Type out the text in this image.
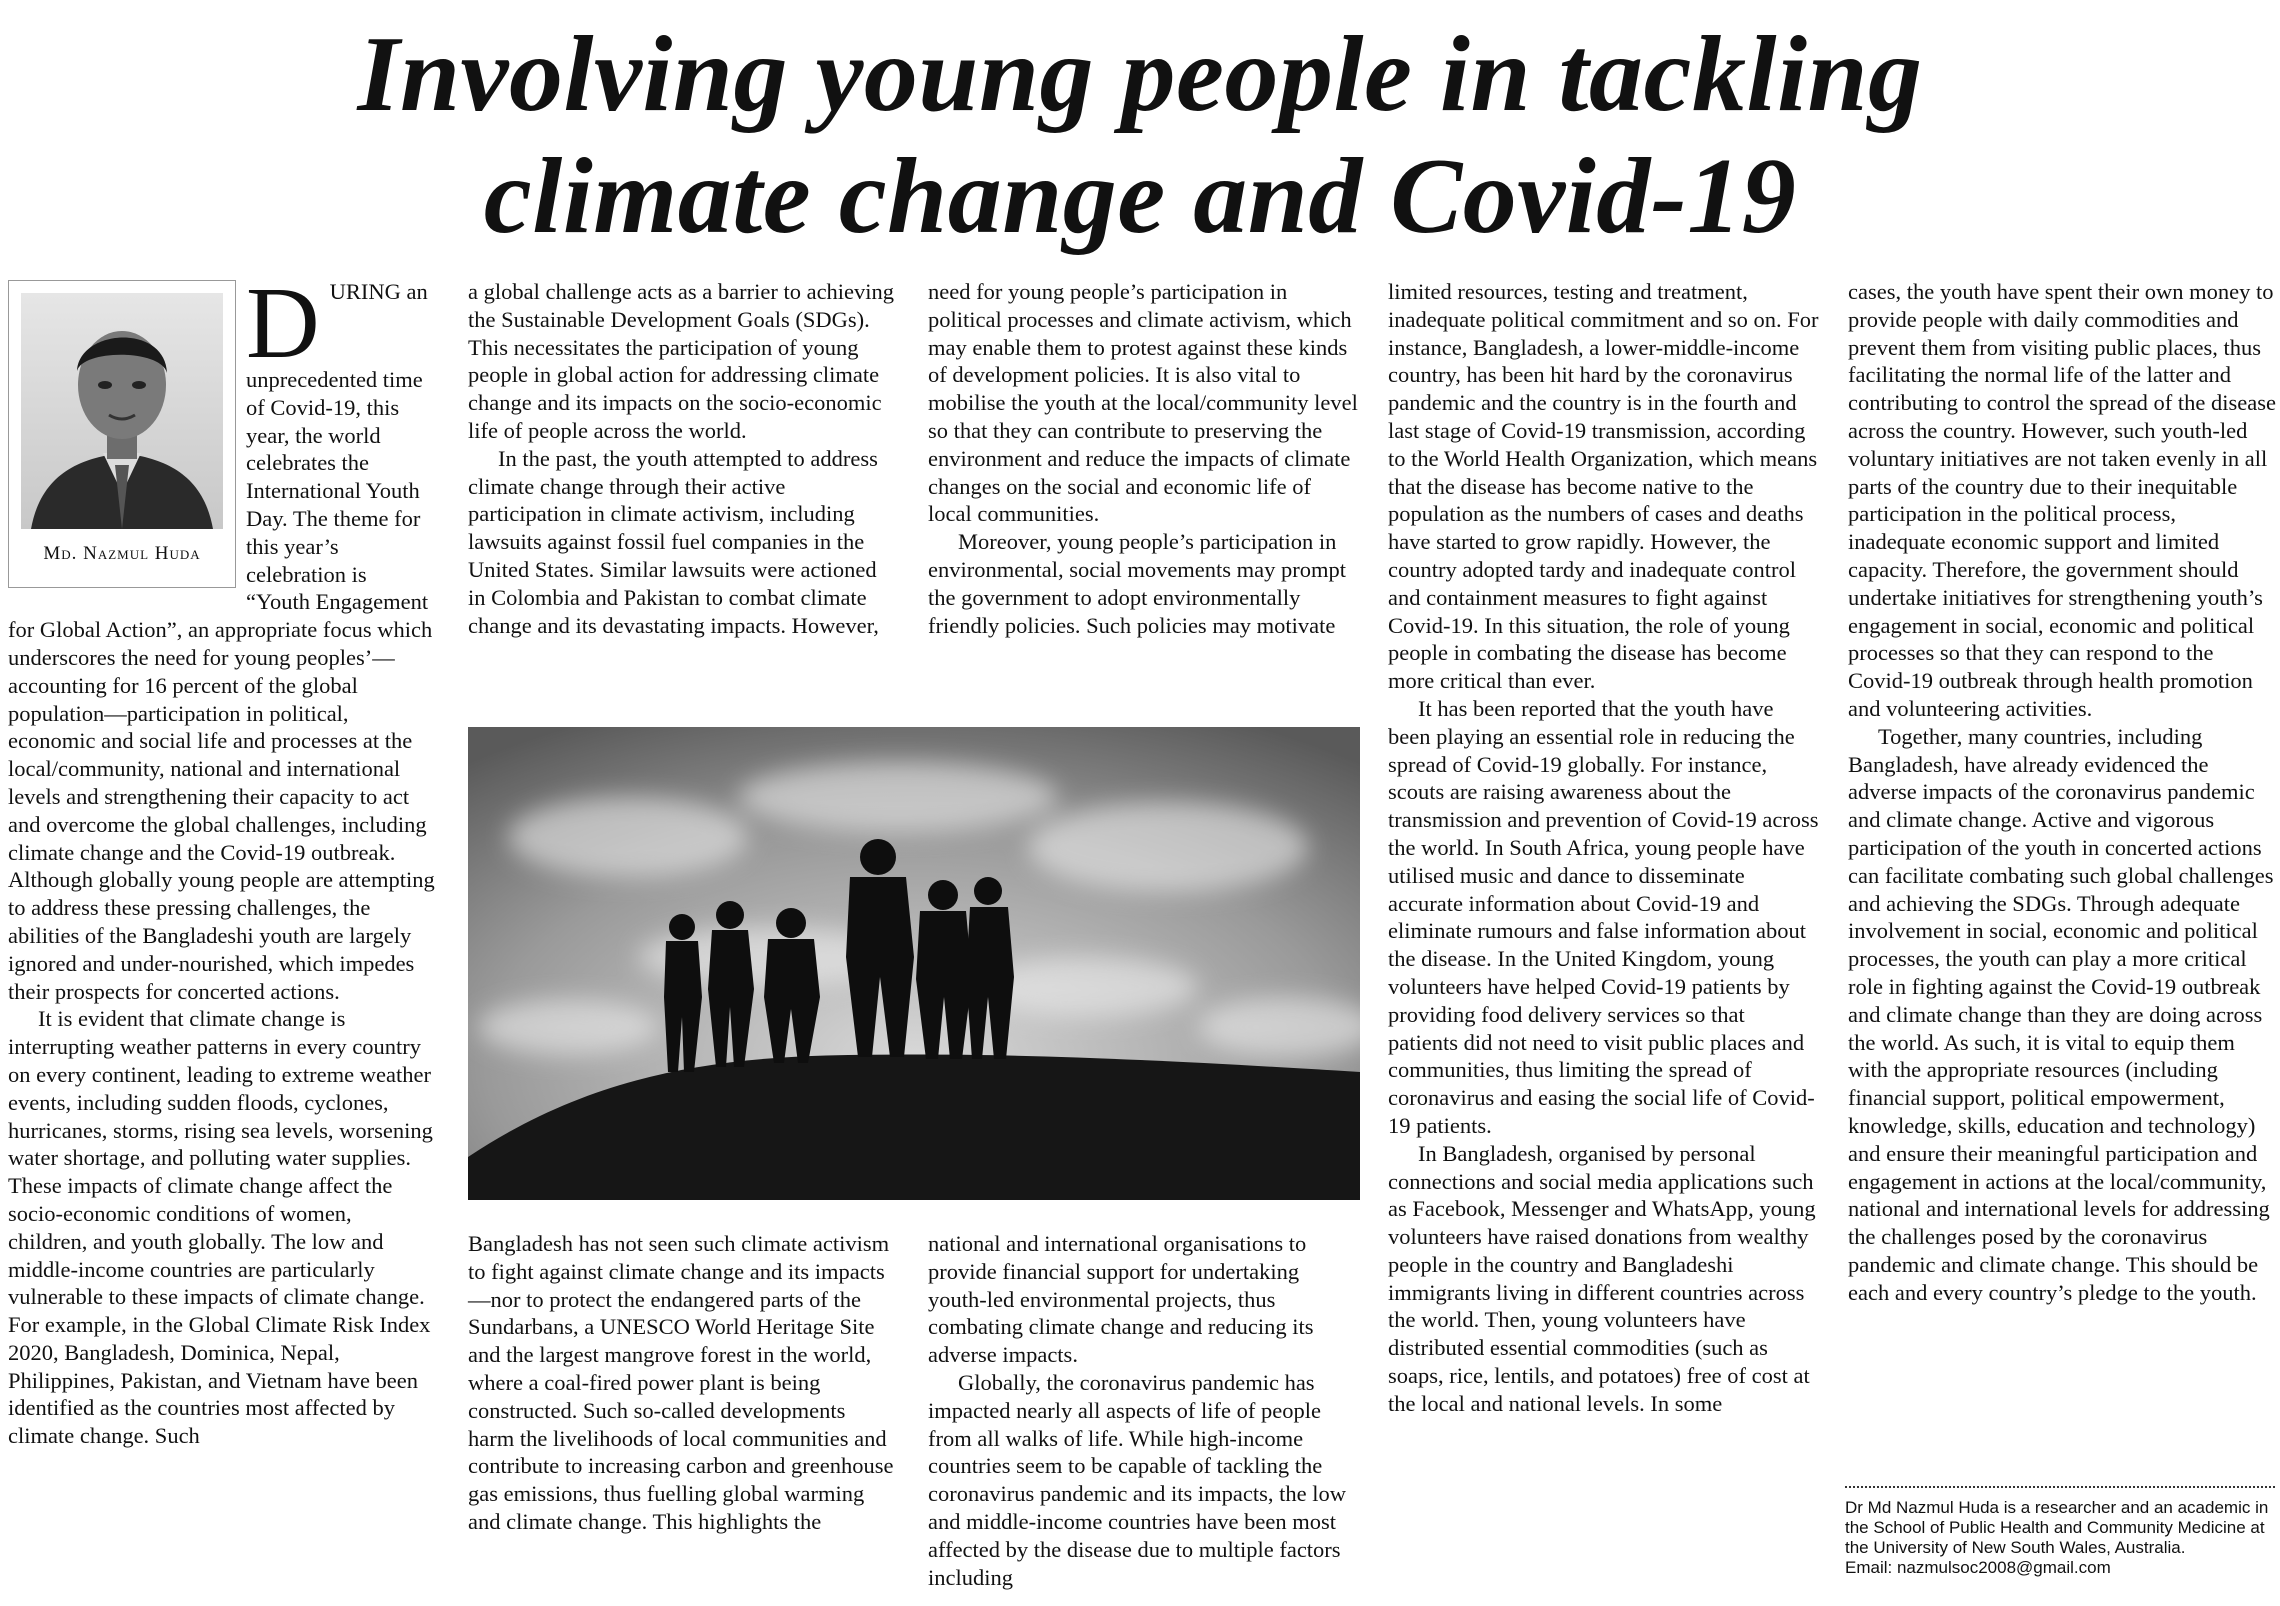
Involving young people in tackling
climate change and Covid-19
Md. Nazmul Huda
D URING an unprecedented time of Covid-19, this year, the world celebrates the International Youth Day. The theme for this year’s celebration is “Youth Engagement for Global Action”, an appropriate focus which underscores the need for young peoples’—accounting for 16 percent of the global population—participation in political, economic and social life and processes at the local/community, national and international levels and strengthening their capacity to act and overcome the global challenges, including climate change and the Covid-19 outbreak. Although globally young people are attempting to address these pressing challenges, the abilities of the Bangladeshi youth are largely ignored and under-nourished, which impedes their prospects for concerted actions.

It is evident that climate change is interrupting weather patterns in every country on every continent, leading to extreme weather events, including sudden floods, cyclones, hurricanes, storms, rising sea levels, worsening water shortage, and polluting water supplies. These impacts of climate change affect the socio-economic conditions of women, children, and youth globally. The low and middle-income countries are particularly vulnerable to these impacts of climate change. For example, in the Global Climate Risk Index 2020, Bangladesh, Dominica, Nepal, Philippines, Pakistan, and Vietnam have been identified as the countries most affected by climate change. Such

a global challenge acts as a barrier to achieving the Sustainable Development Goals (SDGs). This necessitates the participation of young people in global action for addressing climate change and its impacts on the socio-economic life of people across the world.

In the past, the youth attempted to address climate change through their active participation in climate activism, including lawsuits against fossil fuel companies in the United States. Similar lawsuits were actioned in Colombia and Pakistan to combat climate change and its devastating impacts. However,

need for young people’s participation in political processes and climate activism, which may enable them to protest against these kinds of development policies. It is also vital to mobilise the youth at the local/community level so that they can contribute to preserving the environment and reduce the impacts of climate changes on the social and economic life of local communities.

Moreover, young people’s participation in environmental, social movements may prompt the government to adopt environmentally friendly policies. Such policies may motivate

Bangladesh has not seen such climate activism to fight against climate change and its impacts—nor to protect the endangered parts of the Sundarbans, a UNESCO World Heritage Site and the largest mangrove forest in the world, where a coal-fired power plant is being constructed. Such so-called developments harm the livelihoods of local communities and contribute to increasing carbon and greenhouse gas emissions, thus fuelling global warming and climate change. This highlights the

national and international organisations to provide financial support for undertaking youth-led environmental projects, thus combating climate change and reducing its adverse impacts.

Globally, the coronavirus pandemic has impacted nearly all aspects of life of people from all walks of life. While high-income countries seem to be capable of tackling the coronavirus pandemic and its impacts, the low and middle-income countries have been most affected by the disease due to multiple factors including

limited resources, testing and treatment, inadequate political commitment and so on. For instance, Bangladesh, a lower-middle-income country, has been hit hard by the coronavirus pandemic and the country is in the fourth and last stage of Covid-19 transmission, according to the World Health Organization, which means that the disease has become native to the population as the numbers of cases and deaths have started to grow rapidly. However, the country adopted tardy and inadequate control and containment measures to fight against Covid-19. In this situation, the role of young people in combating the disease has become more critical than ever.

It has been reported that the youth have been playing an essential role in reducing the spread of Covid-19 globally. For instance, scouts are raising awareness about the transmission and prevention of Covid-19 across the world. In South Africa, young people have utilised music and dance to disseminate accurate information about Covid-19 and eliminate rumours and false information about the disease. In the United Kingdom, young volunteers have helped Covid-19 patients by providing food delivery services so that patients did not need to visit public places and communities, thus limiting the spread of coronavirus and easing the social life of Covid-19 patients.

In Bangladesh, organised by personal connections and social media applications such as Facebook, Messenger and WhatsApp, young volunteers have raised donations from wealthy people in the country and Bangladeshi immigrants living in different countries across the world. Then, young volunteers have distributed essential commodities (such as soaps, rice, lentils, and potatoes) free of cost at the local and national levels. In some

cases, the youth have spent their own money to provide people with daily commodities and prevent them from visiting public places, thus facilitating the normal life of the latter and contributing to control the spread of the disease across the country. However, such youth-led voluntary initiatives are not taken evenly in all parts of the country due to their inequitable participation in the political process, inadequate economic support and limited capacity. Therefore, the government should undertake initiatives for strengthening youth’s engagement in social, economic and political processes so that they can respond to the Covid-19 outbreak through health promotion and volunteering activities.

Together, many countries, including Bangladesh, have already evidenced the adverse impacts of the coronavirus pandemic and climate change. Active and vigorous participation of the youth in concerted actions can facilitate combating such global challenges and achieving the SDGs. Through adequate involvement in social, economic and political processes, the youth can play a more critical role in fighting against the Covid-19 outbreak and climate change than they are doing across the world. As such, it is vital to equip them with the appropriate resources (including financial support, political empowerment, knowledge, skills, education and technology) and ensure their meaningful participation and engagement in actions at the local/community, national and international levels for addressing the challenges posed by the coronavirus pandemic and climate change. This should be each and every country’s pledge to the youth.

Dr Md Nazmul Huda is a researcher and an academic in the School of Public Health and Community Medicine at the University of New South Wales, Australia.
Email: nazmulsoc2008@gmail.com
